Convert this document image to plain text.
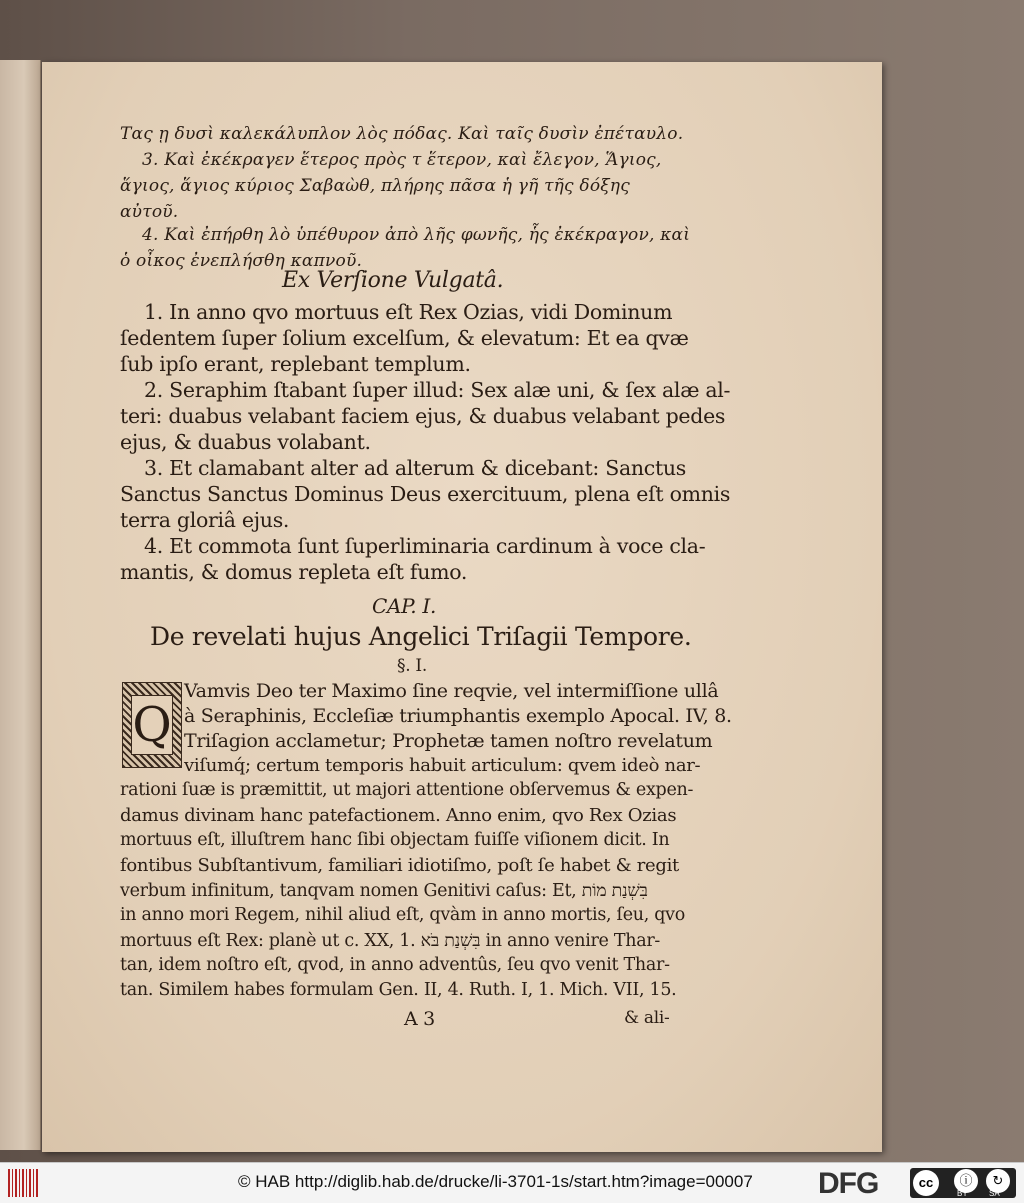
Τας ῃ δυσὶ καλεκάλυπλον λὸς πόδας. Καὶ ταῖς δυσὶν ἐπέταυλο.
3. Καὶ ἐκέκραγεν ἕτερος πρὸς τ ἕτερον, καὶ ἔλεγον, Ἅγιος,
ἅγιος, ἅγιος κύριος Σαβαὼθ, πλήρης πᾶσα ἡ γῆ τῆς δόξης
αὐτοῦ.
4. Καὶ ἐπήρθη λὸ ὑπέθυρον ἀπὸ λῆς φωνῆς, ἧς ἐκέκραγον, καὶ
ὁ οἶκος ἐνεπλήσθη καπνοῦ.
Ex Verſione Vulgatâ.
1. In anno qvo mortuus eſt Rex Ozias, vidi Dominum
ſedentem ſuper ſolium excelſum, & elevatum: Et ea qvæ
ſub ipſo erant, replebant templum.
2. Seraphim ſtabant ſuper illud: Sex alæ uni, & ſex alæ al-
teri: duabus velabant faciem ejus, & duabus velabant pedes
ejus, & duabus volabant.
3. Et clamabant alter ad alterum & dicebant: Sanctus
Sanctus Sanctus Dominus Deus exercituum, plena eſt omnis
terra gloriâ ejus.
4. Et commota ſunt ſuperliminaria cardinum à voce cla-
mantis, & domus repleta eſt fumo.
CAP. I.
De revelati hujus Angelici Triſagii Tempore.
§. I.
Q
Vamvis Deo ter Maximo ſine reqvie, vel intermiſſione ullâ
à Seraphinis, Eccleſiæ triumphantis exemplo Apocal. IV, 8.
Triſagion acclametur; Prophetæ tamen noſtro revelatum
viſumq́; certum temporis habuit articulum: qvem ideò nar-
rationi ſuæ is præmittit, ut majori attentione obſervemus & expen-
damus divinam hanc patefactionem. Anno enim, qvo Rex Ozias
mortuus eſt, illuſtrem hanc ſibi objectam fuiſſe viſionem dicit. In
fontibus Subſtantivum, familiari idiotiſmo, poſt ſe habet & regit
verbum infinitum, tanqvam nomen Genitivi caſus: Et, בִּשְׁנַת מוֹת
in anno mori Regem, nihil aliud eſt, qvàm in anno mortis, ſeu, qvo
mortuus eſt Rex: planè ut c. XX, 1. בִּשְׁנַת בֹּא in anno venire Thar-
tan, idem noſtro eſt, qvod, in anno adventûs, ſeu qvo venit Thar-
tan. Similem habes formulam Gen. II, 4. Ruth. I, 1. Mich. VII, 15.
A 3	& ali-
© HAB http://diglib.hab.de/drucke/li-3701-1s/start.htm?image=00007 DFG	cc	ⓘ	↻
BY	SA
